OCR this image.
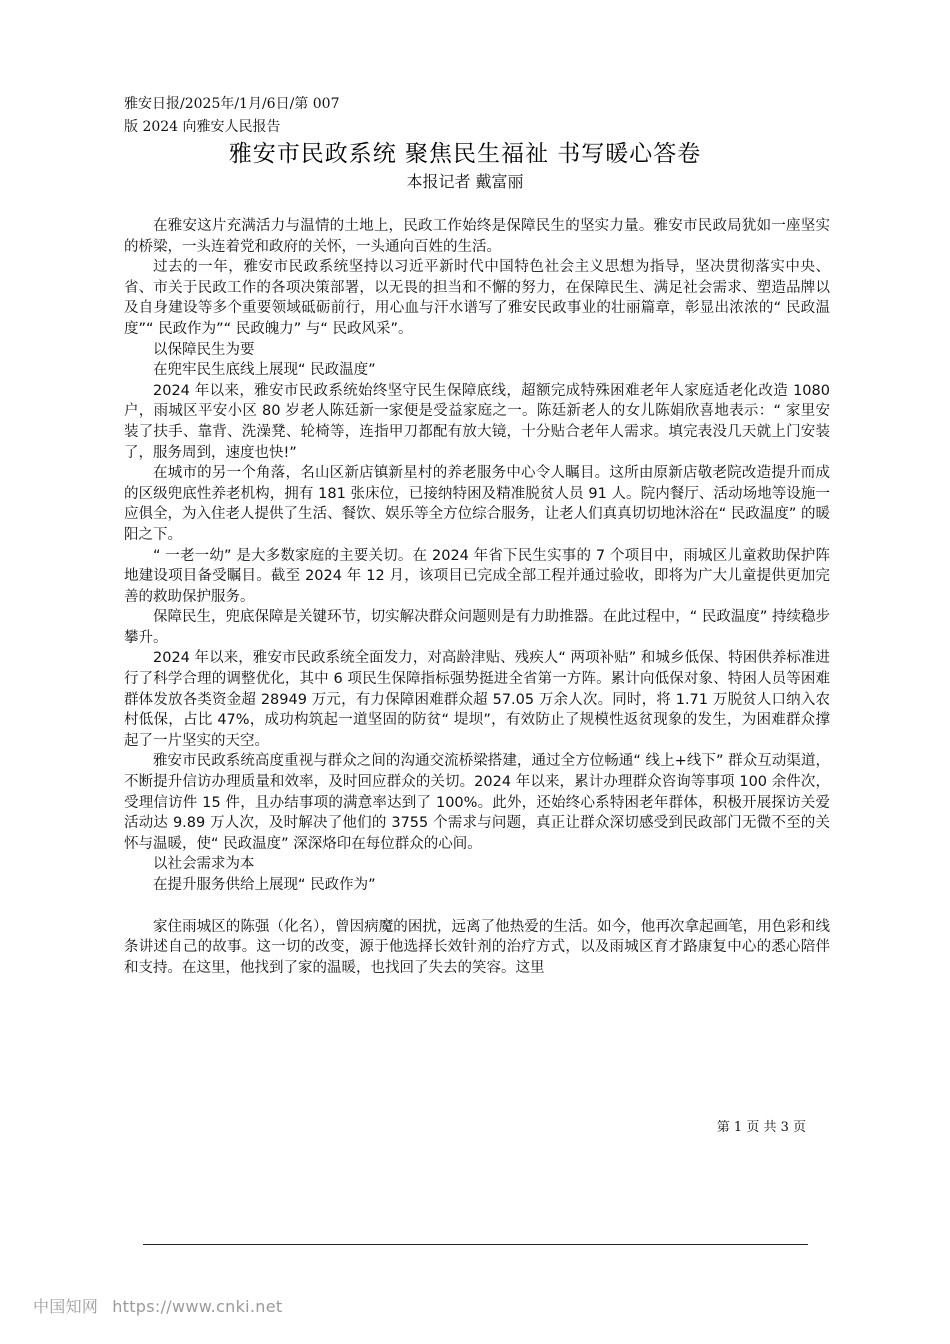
雅安日报/2025年/1月/6日/第 007
版 2024 向雅安人民报告
雅安市民政系统 聚焦民生福祉 书写暖心答卷
本报记者 戴富丽

在雅安这片充满活力与温情的土地上，民政工作始终是保障民生的坚实力量。雅安市民政局犹如一座坚实的桥梁，一头连着党和政府的关怀，一头通向百姓的生活。

过去的一年，雅安市民政系统坚持以习近平新时代中国特色社会主义思想为指导，坚决贯彻落实中央、省、市关于民政工作的各项决策部署，以无畏的担当和不懈的努力，在保障民生、满足社会需求、塑造品牌以及自身建设等多个重要领域砥砺前行，用心血与汗水谱写了雅安民政事业的壮丽篇章，彰显出浓浓的“ 民政温度”“ 民政作为”“ 民政魄力” 与“ 民政风采”。

以保障民生为要

在兜牢民生底线上展现“ 民政温度”

2024 年以来，雅安市民政系统始终坚守民生保障底线，超额完成特殊困难老年人家庭适老化改造 1080 户，雨城区平安小区 80 岁老人陈廷新一家便是受益家庭之一。陈廷新老人的女儿陈娟欣喜地表示：“ 家里安装了扶手、靠背、洗澡凳、轮椅等，连指甲刀都配有放大镜，十分贴合老年人需求。填完表没几天就上门安装了，服务周到，速度也快!”

在城市的另一个角落，名山区新店镇新星村的养老服务中心令人瞩目。这所由原新店敬老院改造提升而成的区级兜底性养老机构，拥有 181 张床位，已接纳特困及精准脱贫人员 91 人。院内餐厅、活动场地等设施一应俱全，为入住老人提供了生活、餐饮、娱乐等全方位综合服务，让老人们真真切切地沐浴在“ 民政温度” 的暖阳之下。

“ 一老一幼” 是大多数家庭的主要关切。在 2024 年省下民生实事的 7 个项目中，雨城区儿童救助保护阵地建设项目备受瞩目。截至 2024 年 12 月，该项目已完成全部工程并通过验收，即将为广大儿童提供更加完善的救助保护服务。

保障民生，兜底保障是关键环节，切实解决群众问题则是有力助推器。在此过程中，“ 民政温度” 持续稳步攀升。

2024 年以来，雅安市民政系统全面发力，对高龄津贴、残疾人“ 两项补贴” 和城乡低保、特困供养标准进行了科学合理的调整优化，其中 6 项民生保障指标强势挺进全省第一方阵。累计向低保对象、特困人员等困难群体发放各类资金超 28949 万元，有力保障困难群众超 57.05 万余人次。同时，将 1.71 万脱贫人口纳入农村低保，占比 47%，成功构筑起一道坚固的防贫“ 堤坝”，有效防止了规模性返贫现象的发生，为困难群众撑起了一片坚实的天空。

雅安市民政系统高度重视与群众之间的沟通交流桥梁搭建，通过全方位畅通“ 线上+线下” 群众互动渠道，不断提升信访办理质量和效率，及时回应群众的关切。2024 年以来，累计办理群众咨询等事项 100 余件次，受理信访件 15 件，且办结事项的满意率达到了 100%。此外，还始终心系特困老年群体，积极开展探访关爱活动达 9.89 万人次，及时解决了他们的 3755 个需求与问题，真正让群众深切感受到民政部门无微不至的关怀与温暖，使“ 民政温度” 深深烙印在每位群众的心间。

以社会需求为本

在提升服务供给上展现“ 民政作为”

家住雨城区的陈强（化名），曾因病魔的困扰，远离了他热爱的生活。如今，他再次拿起画笔，用色彩和线条讲述自己的故事。这一切的改变，源于他选择长效针剂的治疗方式，以及雨城区育才路康复中心的悉心陪伴和支持。在这里，他找到了家的温暖，也找回了失去的笑容。这里

第 1 页 共 3 页
中国知网 https://www.cnki.net
